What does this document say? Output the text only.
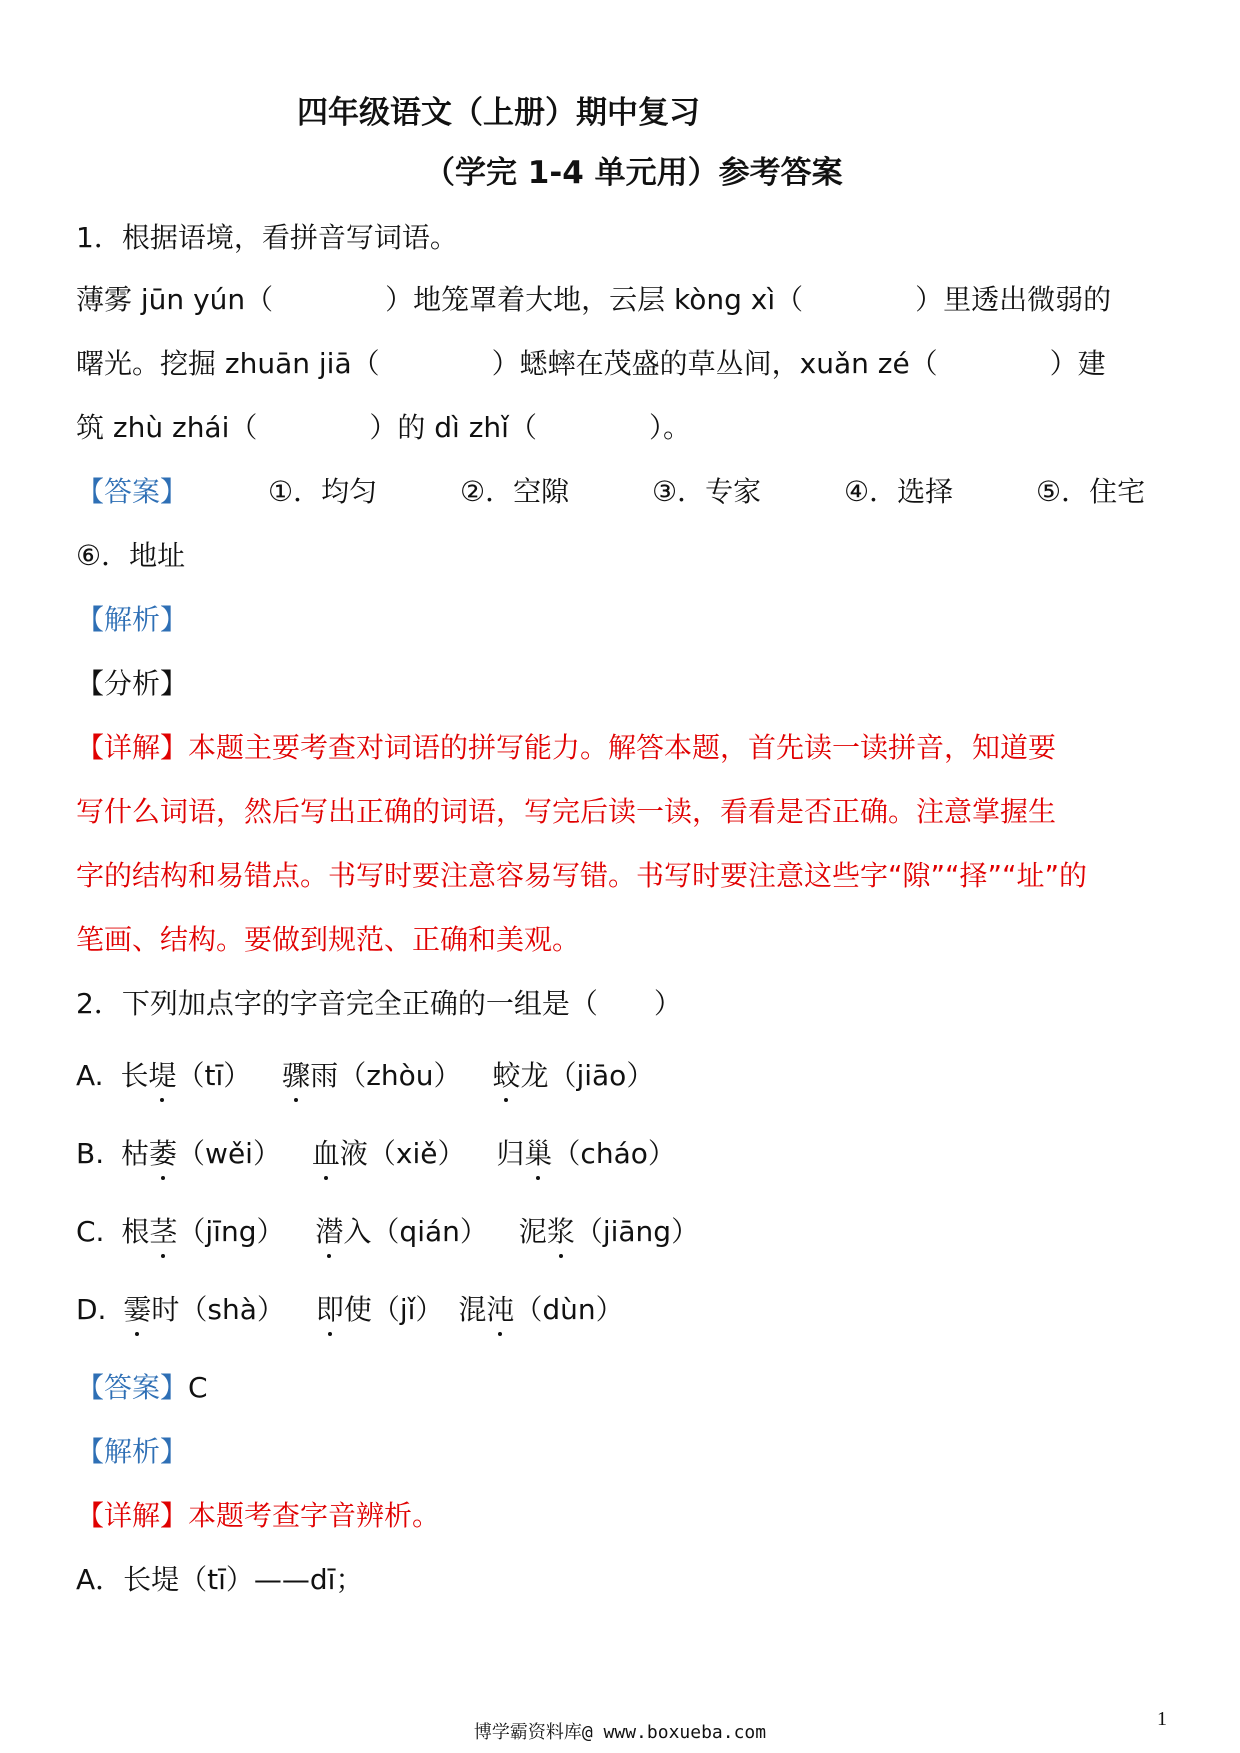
四年级语文（上册）期中复习
（学完 1-4 单元用）参考答案
1．根据语境，看拼音写词语。
薄雾 jūn yún（	）地笼罩着大地，云层 kòng xì（	）里透出微弱的
曙光。挖掘 zhuān jiā（	）蟋蟀在茂盛的草丛间，xuǎn zé（	）建
筑 zhù zhái（	）的 dì zhǐ（	）。
【答案】	①．均匀	②．空隙	③．专家	④．选择	⑤．住宅
⑥．地址
【解析】
【分析】
【详解】本题主要考查对词语的拼写能力。解答本题，首先读一读拼音，知道要
写什么词语，然后写出正确的词语，写完后读一读，看看是否正确。注意掌握生
字的结构和易错点。书写时要注意容易写错。书写时要注意这些字“隙”“择”“址”的
笔画、结构。要做到规范、正确和美观。
2．下列加点字的字音完全正确的一组是（　　）
A. 长堤（tī） 骤雨（zhòu） 蛟龙（jiāo）
B. 枯萎（wěi） 血液（xiě） 归巢（cháo）
C. 根茎（jīng） 潜入（qián） 泥浆（jiāng）
D. 霎时（shà） 即使（jǐ） 混沌（dùn）
【答案】C
【解析】
【详解】本题考查字音辨析。
A．长堤（tī）——dī；
博学霸资料库@ www.boxueba.com
1
